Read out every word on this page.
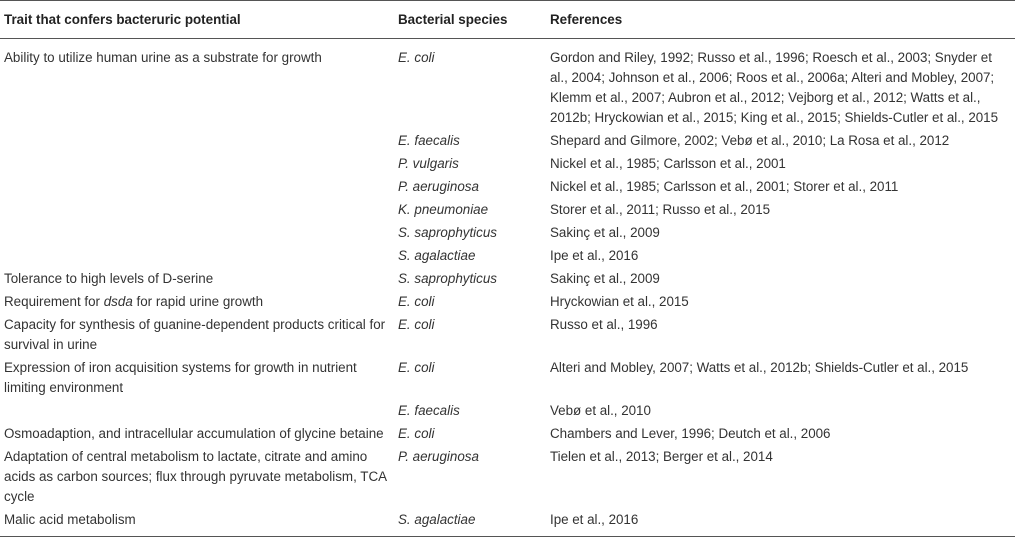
Trait that confers bacteruric potential	Bacterial species	References
Ability to utilize human urine as a substrate for growth	E. coli	Gordon and Riley, 1992; Russo et al., 1996; Roesch et al., 2003; Snyder et al., 2004; Johnson et al., 2006; Roos et al., 2006a; Alteri and Mobley, 2007; Klemm et al., 2007; Aubron et al., 2012; Vejborg et al., 2012; Watts et al., 2012b; Hryckowian et al., 2015; King et al., 2015; Shields-Cutler et al., 2015
	E. faecalis	Shepard and Gilmore, 2002; Vebø et al., 2010; La Rosa et al., 2012
	P. vulgaris	Nickel et al., 1985; Carlsson et al., 2001
	P. aeruginosa	Nickel et al., 1985; Carlsson et al., 2001; Storer et al., 2011
	K. pneumoniae	Storer et al., 2011; Russo et al., 2015
	S. saprophyticus	Sakinç et al., 2009
	S. agalactiae	Ipe et al., 2016
Tolerance to high levels of D-serine	S. saprophyticus	Sakinç et al., 2009
Requirement for dsda for rapid urine growth	E. coli	Hryckowian et al., 2015
Capacity for synthesis of guanine-dependent products critical for survival in urine	E. coli	Russo et al., 1996
Expression of iron acquisition systems for growth in nutrient limiting environment	E. coli	Alteri and Mobley, 2007; Watts et al., 2012b; Shields-Cutler et al., 2015
	E. faecalis	Vebø et al., 2010
Osmoadaption, and intracellular accumulation of glycine betaine	E. coli	Chambers and Lever, 1996; Deutch et al., 2006
Adaptation of central metabolism to lactate, citrate and amino acids as carbon sources; flux through pyruvate metabolism, TCA cycle	P. aeruginosa	Tielen et al., 2013; Berger et al., 2014
Malic acid metabolism	S. agalactiae	Ipe et al., 2016
